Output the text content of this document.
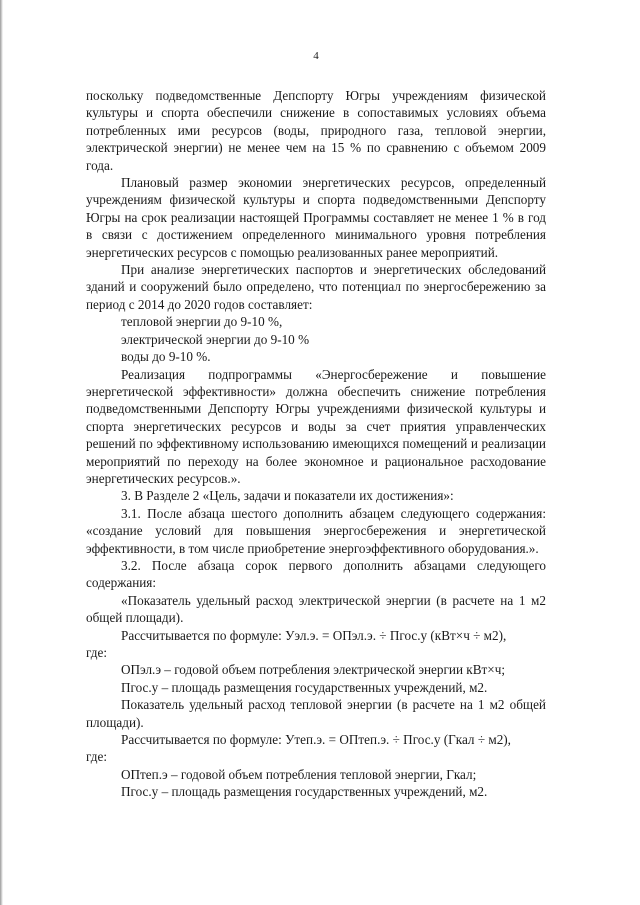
4

поскольку подведомственные Депспорту Югры учреждениям физической культуры и спорта обеспечили снижение в сопоставимых условиях объема потребленных ими ресурсов (воды, природного газа, тепловой энергии, электрической энергии) не менее чем на 15 % по сравнению с объемом 2009 года.

Плановый размер экономии энергетических ресурсов, определенный учреждениям физической культуры и спорта подведомственными Депспорту Югры на срок реализации настоящей Программы составляет не менее 1 % в год в связи с достижением определенного минимального уровня потребления энергетических ресурсов с помощью реализованных ранее мероприятий.

При анализе энергетических паспортов и энергетических обследований зданий и сооружений было определено, что потенциал по энергосбережению за период с 2014 до 2020 годов составляет:

тепловой энергии до 9-10 %,

электрической энергии до 9-10 %

воды до 9-10 %.

Реализация подпрограммы «Энергосбережение и повышение энергетической эффективности» должна обеспечить снижение потребления подведомственными Депспорту Югры учреждениями физической культуры и спорта энергетических ресурсов и воды за счет приятия управленческих решений по эффективному использованию имеющихся помещений и реализации мероприятий по переходу на более экономное и рациональное расходование энергетических ресурсов.».

3. В Разделе 2 «Цель, задачи и показатели их достижения»:

3.1. После абзаца шестого дополнить абзацем следующего содержания: «создание условий для повышения энергосбережения и энергетической эффективности, в том числе приобретение энергоэффективного оборудования.».

3.2. После абзаца сорок первого дополнить абзацами следующего содержания:

«Показатель удельный расход электрической энергии (в расчете на 1 м2 общей площади).

Рассчитывается по формуле: Уэл.э. = ОПэл.э. ÷ Пгос.у (кВт×ч ÷ м2),

где:

ОПэл.э – годовой объем потребления электрической энергии кВт×ч;

Пгос.у – площадь размещения государственных учреждений, м2.

Показатель удельный расход тепловой энергии (в расчете на 1 м2 общей площади).

Рассчитывается по формуле: Утеп.э. = ОПтеп.э. ÷ Пгос.у (Гкал ÷ м2),

где:

ОПтеп.э – годовой объем потребления тепловой энергии, Гкал;

Пгос.у – площадь размещения государственных учреждений, м2.
